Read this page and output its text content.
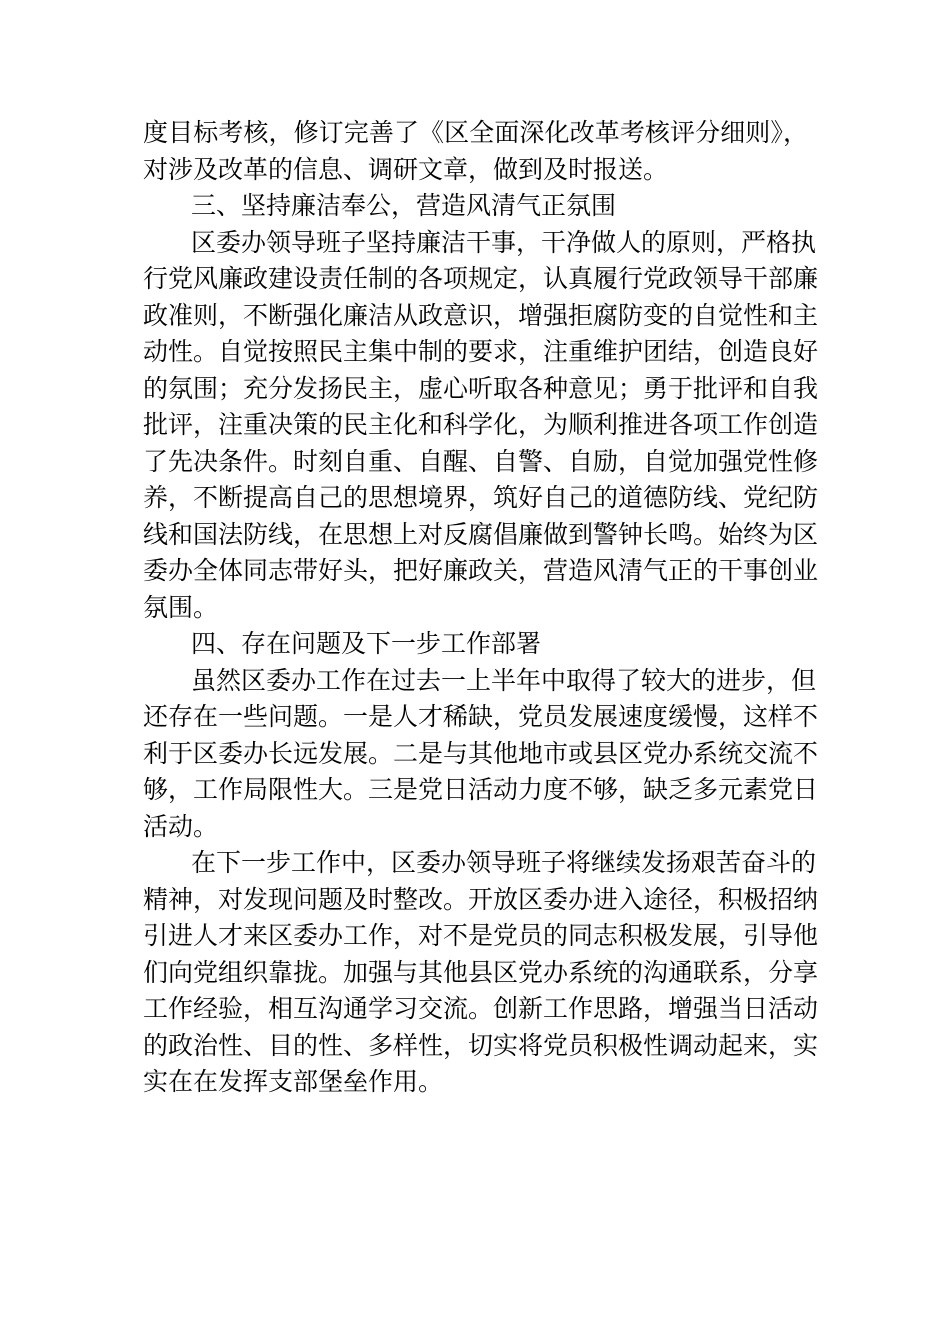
度目标考核，修订完善了《区全面深化改革考核评分细则》，
对涉及改革的信息、调研文章，做到及时报送。
三、坚持廉洁奉公，营造风清气正氛围
区委办领导班子坚持廉洁干事，干净做人的原则，严格执
行党风廉政建设责任制的各项规定，认真履行党政领导干部廉
政准则，不断强化廉洁从政意识，增强拒腐防变的自觉性和主
动性。自觉按照民主集中制的要求，注重维护团结，创造良好
的氛围；充分发扬民主，虚心听取各种意见；勇于批评和自我
批评，注重决策的民主化和科学化，为顺利推进各项工作创造
了先决条件。时刻自重、自醒、自警、自励，自觉加强党性修
养，不断提高自己的思想境界，筑好自己的道德防线、党纪防
线和国法防线，在思想上对反腐倡廉做到警钟长鸣。始终为区
委办全体同志带好头，把好廉政关，营造风清气正的干事创业
氛围。
四、存在问题及下一步工作部署
虽然区委办工作在过去一上半年中取得了较大的进步，但
还存在一些问题。一是人才稀缺，党员发展速度缓慢，这样不
利于区委办长远发展。二是与其他地市或县区党办系统交流不
够，工作局限性大。三是党日活动力度不够，缺乏多元素党日
活动。
在下一步工作中，区委办领导班子将继续发扬艰苦奋斗的
精神，对发现问题及时整改。开放区委办进入途径，积极招纳
引进人才来区委办工作，对不是党员的同志积极发展，引导他
们向党组织靠拢。加强与其他县区党办系统的沟通联系，分享
工作经验，相互沟通学习交流。创新工作思路，增强当日活动
的政治性、目的性、多样性，切实将党员积极性调动起来，实
实在在发挥支部堡垒作用。
